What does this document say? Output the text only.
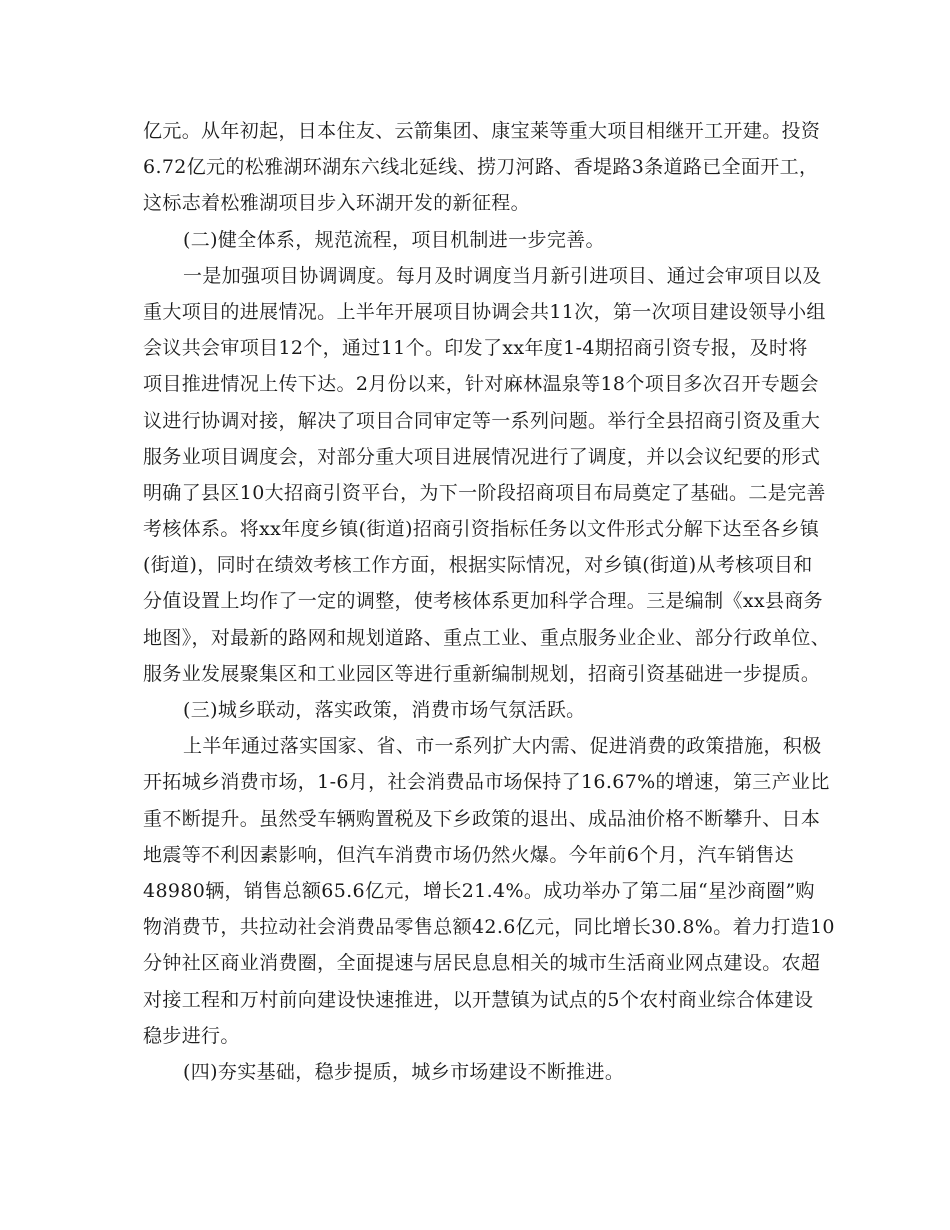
亿元。从年初起，日本住友、云箭集团、康宝莱等重大项目相继开工开建。投资
6.72亿元的松雅湖环湖东六线北延线、捞刀河路、香堤路3条道路已全面开工，
这标志着松雅湖项目步入环湖开发的新征程。
(二)健全体系，规范流程，项目机制进一步完善。
一是加强项目协调调度。每月及时调度当月新引进项目、通过会审项目以及
重大项目的进展情况。上半年开展项目协调会共11次，第一次项目建设领导小组
会议共会审项目12个，通过11个。印发了xx年度1-4期招商引资专报，及时将
项目推进情况上传下达。2月份以来，针对麻林温泉等18个项目多次召开专题会
议进行协调对接，解决了项目合同审定等一系列问题。举行全县招商引资及重大
服务业项目调度会，对部分重大项目进展情况进行了调度，并以会议纪要的形式
明确了县区10大招商引资平台，为下一阶段招商项目布局奠定了基础。二是完善
考核体系。将xx年度乡镇(街道)招商引资指标任务以文件形式分解下达至各乡镇
(街道)，同时在绩效考核工作方面，根据实际情况，对乡镇(街道)从考核项目和
分值设置上均作了一定的调整，使考核体系更加科学合理。三是编制《xx县商务
地图》，对最新的路网和规划道路、重点工业、重点服务业企业、部分行政单位、
服务业发展聚集区和工业园区等进行重新编制规划，招商引资基础进一步提质。
(三)城乡联动，落实政策，消费市场气氛活跃。
上半年通过落实国家、省、市一系列扩大内需、促进消费的政策措施，积极
开拓城乡消费市场，1-6月，社会消费品市场保持了16.67%的增速，第三产业比
重不断提升。虽然受车辆购置税及下乡政策的退出、成品油价格不断攀升、日本
地震等不利因素影响，但汽车消费市场仍然火爆。今年前6个月，汽车销售达
48980辆，销售总额65.6亿元，增长21.4%。成功举办了第二届“星沙商圈”购
物消费节，共拉动社会消费品零售总额42.6亿元，同比增长30.8%。着力打造10
分钟社区商业消费圈，全面提速与居民息息相关的城市生活商业网点建设。农超
对接工程和万村前向建设快速推进，以开慧镇为试点的5个农村商业综合体建设
稳步进行。
(四)夯实基础，稳步提质，城乡市场建设不断推进。
